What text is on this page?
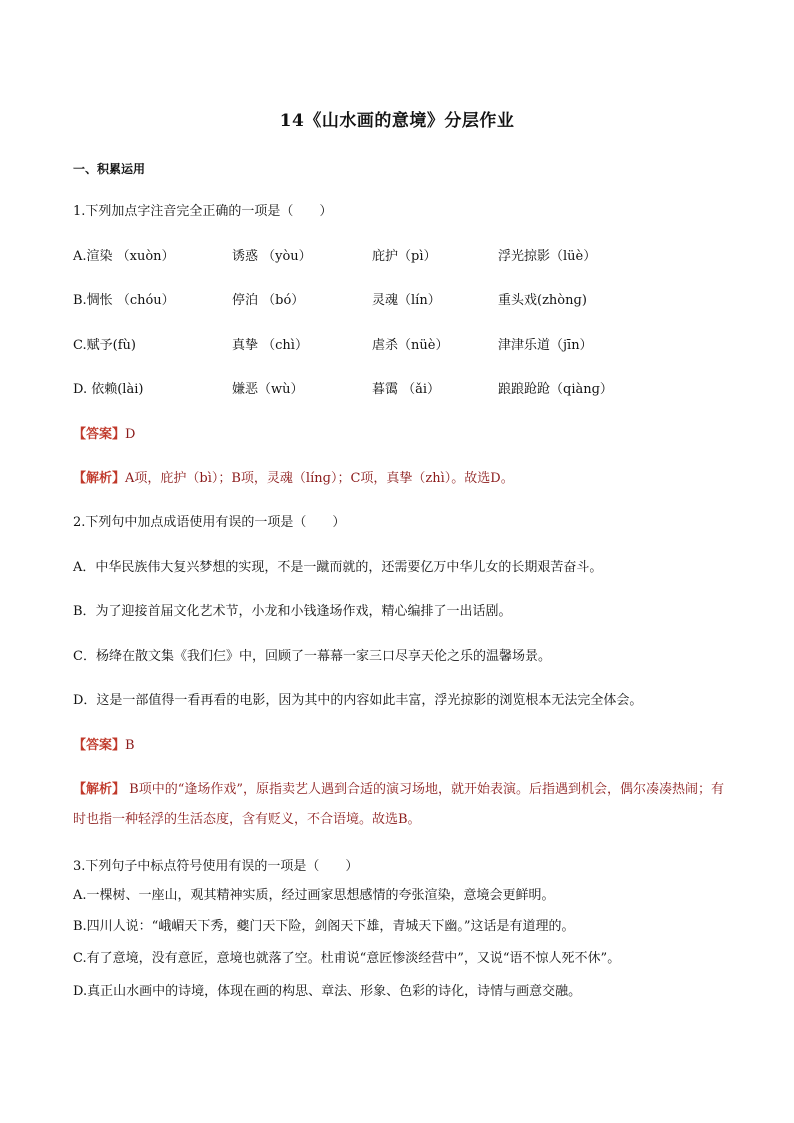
14《山水画的意境》分层作业
一、积累运用
1.下列加点字注音完全正确的一项是（　　）
A.渲染 （xuòn）	诱惑 （yòu）	庇护（pì）	浮光掠影（lüè）
B.惆怅 （chóu）	停泊 （bó）	灵魂（lín）	重头戏(zhònɡ)
C.赋予(fù)	真挚 （chì）	虐杀（nüè）	津津乐道（jīn）
D. 依赖(lài)	嫌恶（wù）	暮霭 （ǎi）	踉踉跄跄（qiànɡ）
【答案】D
【解析】A项，庇护（bì）；B项，灵魂（línɡ）；C项，真挚（zhì）。故选D。
2.下列句中加点成语使用有误的一项是（　　）
A．中华民族伟大复兴梦想的实现，不是一蹴而就的，还需要亿万中华儿女的长期艰苦奋斗。
B．为了迎接首届文化艺术节，小龙和小钱逢场作戏，精心编排了一出话剧。
C．杨绛在散文集《我们仨》中，回顾了一幕幕一家三口尽享天伦之乐的温馨场景。
D．这是一部值得一看再看的电影，因为其中的内容如此丰富，浮光掠影的浏览根本无法完全体会。
【答案】B
【解析】 B项中的“逢场作戏”，原指卖艺人遇到合适的演习场地，就开始表演。后指遇到机会，偶尔凑凑热闹；有时也指一种轻浮的生活态度，含有贬义，不合语境。故选B。
3.下列句子中标点符号使用有误的一项是（　　）
A.一棵树、一座山，观其精神实质，经过画家思想感情的夸张渲染，意境会更鲜明。
B.四川人说：“峨嵋天下秀，夔门天下险，剑阁天下雄，青城天下幽。”这话是有道理的。
C.有了意境，没有意匠，意境也就落了空。杜甫说“意匠惨淡经营中”，又说“语不惊人死不休”。
D.真正山水画中的诗境，体现在画的构思、章法、形象、色彩的诗化，诗情与画意交融。
